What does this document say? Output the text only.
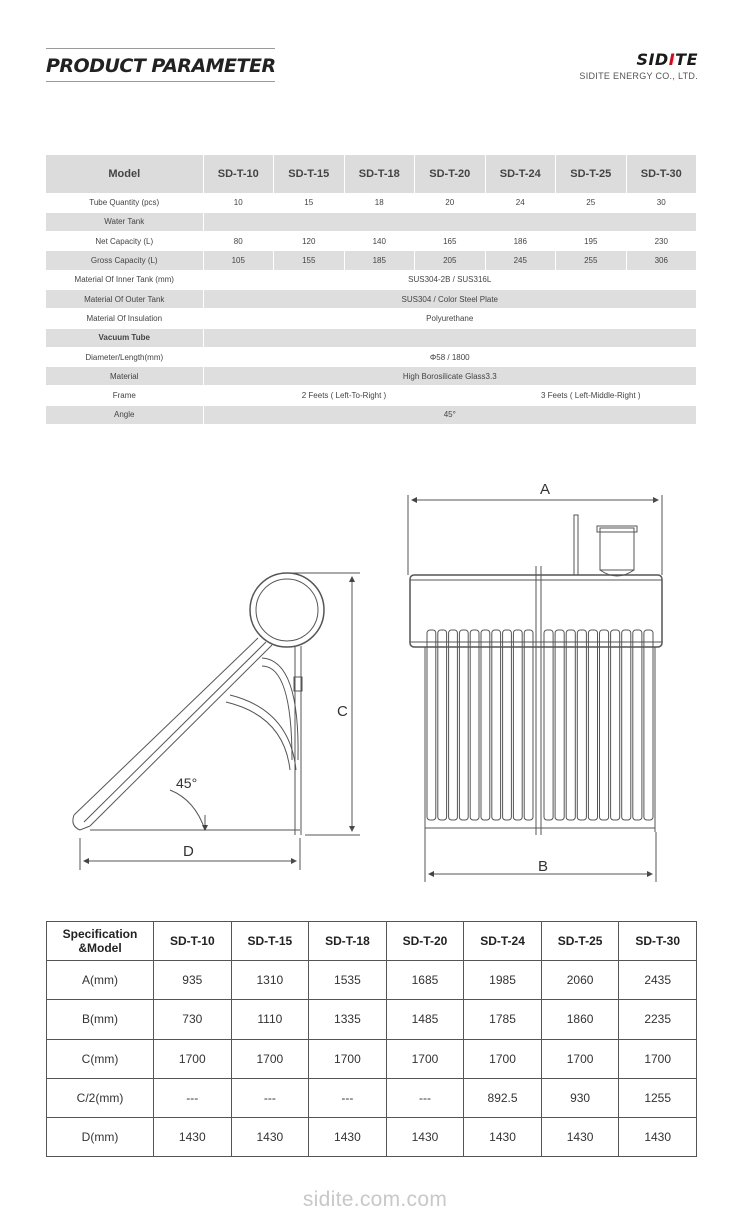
PRODUCT PARAMETER	SIDITE
SIDITE ENERGY CO., LTD.
Model	SD-T-10	SD-T-15	SD-T-18	SD-T-20	SD-T-24	SD-T-25	SD-T-30
Tube Quantity (pcs)	10	15	18	20	24	25	30
Water Tank							
Net Capacity (L)	80	120	140	165	186	195	230
Gross Capacity (L)	105	155	185	205	245	255	306
Material Of Inner Tank (mm)	SUS304-2B / SUS316L						
Material Of Outer Tank	SUS304 / Color Steel Plate						
Material Of Insulation	Polyurethane						
Vacuum Tube							
Diameter/Length(mm)	Φ58 / 1800						
Material	High Borosilicate Glass3.3						
Frame	2 Feets ( Left-To-Right )				3 Feets ( Left-Middle-Right )		
Angle	45°						
45°
D
C
A
B
Specification
&Model	SD-T-10	SD-T-15	SD-T-18	SD-T-20	SD-T-24	SD-T-25	SD-T-30
A(mm)	935	1310	1535	1685	1985	2060	2435
B(mm)	730	1110	1335	1485	1785	1860	2235
C(mm)	1700	1700	1700	1700	1700	1700	1700
C/2(mm)	---	---	---	---	892.5	930	1255
D(mm)	1430	1430	1430	1430	1430	1430	1430
sidite.com.com
